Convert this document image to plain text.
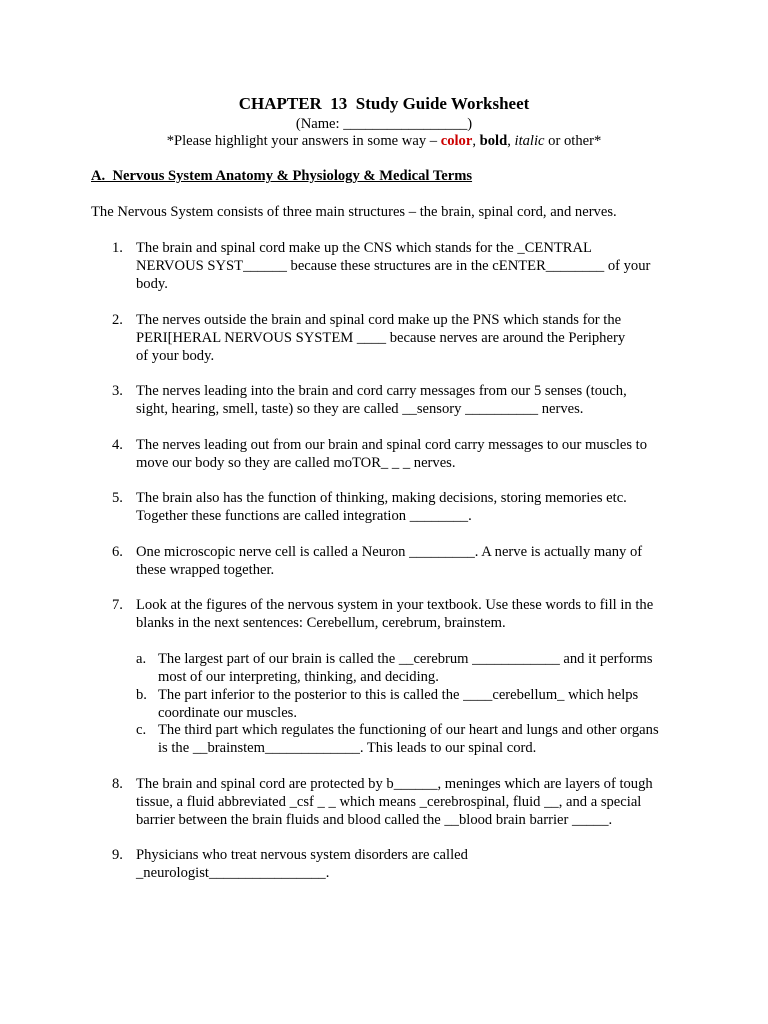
CHAPTER  13  Study Guide Worksheet
(Name: _________________)
*Please highlight your answers in some way – color, bold, italic or other*
A.  Nervous System Anatomy & Physiology & Medical Terms
The Nervous System consists of three main structures – the brain, spinal cord, and nerves.
1. The brain and spinal cord make up the CNS which stands for the _CENTRAL
NERVOUS SYST______ because these structures are in the cENTER________ of your
body.
2. The nerves outside the brain and spinal cord make up the PNS which stands for the
PERI[HERAL NERVOUS SYSTEM ____ because nerves are around the Periphery
of your body.
3. The nerves leading into the brain and cord carry messages from our 5 senses (touch,
sight, hearing, smell, taste) so they are called __sensory __________ nerves.
4. The nerves leading out from our brain and spinal cord carry messages to our muscles to
move our body so they are called moTOR_ _ _ nerves.
5. The brain also has the function of thinking, making decisions, storing memories etc.
Together these functions are called integration ________.
6. One microscopic nerve cell is called a Neuron _________. A nerve is actually many of
these wrapped together.
7. Look at the figures of the nervous system in your textbook. Use these words to fill in the
blanks in the next sentences: Cerebellum, cerebrum, brainstem.
a. The largest part of our brain is called the __cerebrum ____________ and it performs
most of our interpreting, thinking, and deciding.
b. The part inferior to the posterior to this is called the ____cerebellum_ which helps
coordinate our muscles.
c. The third part which regulates the functioning of our heart and lungs and other organs
is the __brainstem_____________. This leads to our spinal cord.
8. The brain and spinal cord are protected by b______, meninges which are layers of tough
tissue, a fluid abbreviated _csf _ _ which means _cerebrospinal, fluid __, and a special
barrier between the brain fluids and blood called the __blood brain barrier _____.
9. Physicians who treat nervous system disorders are called
_neurologist________________.
